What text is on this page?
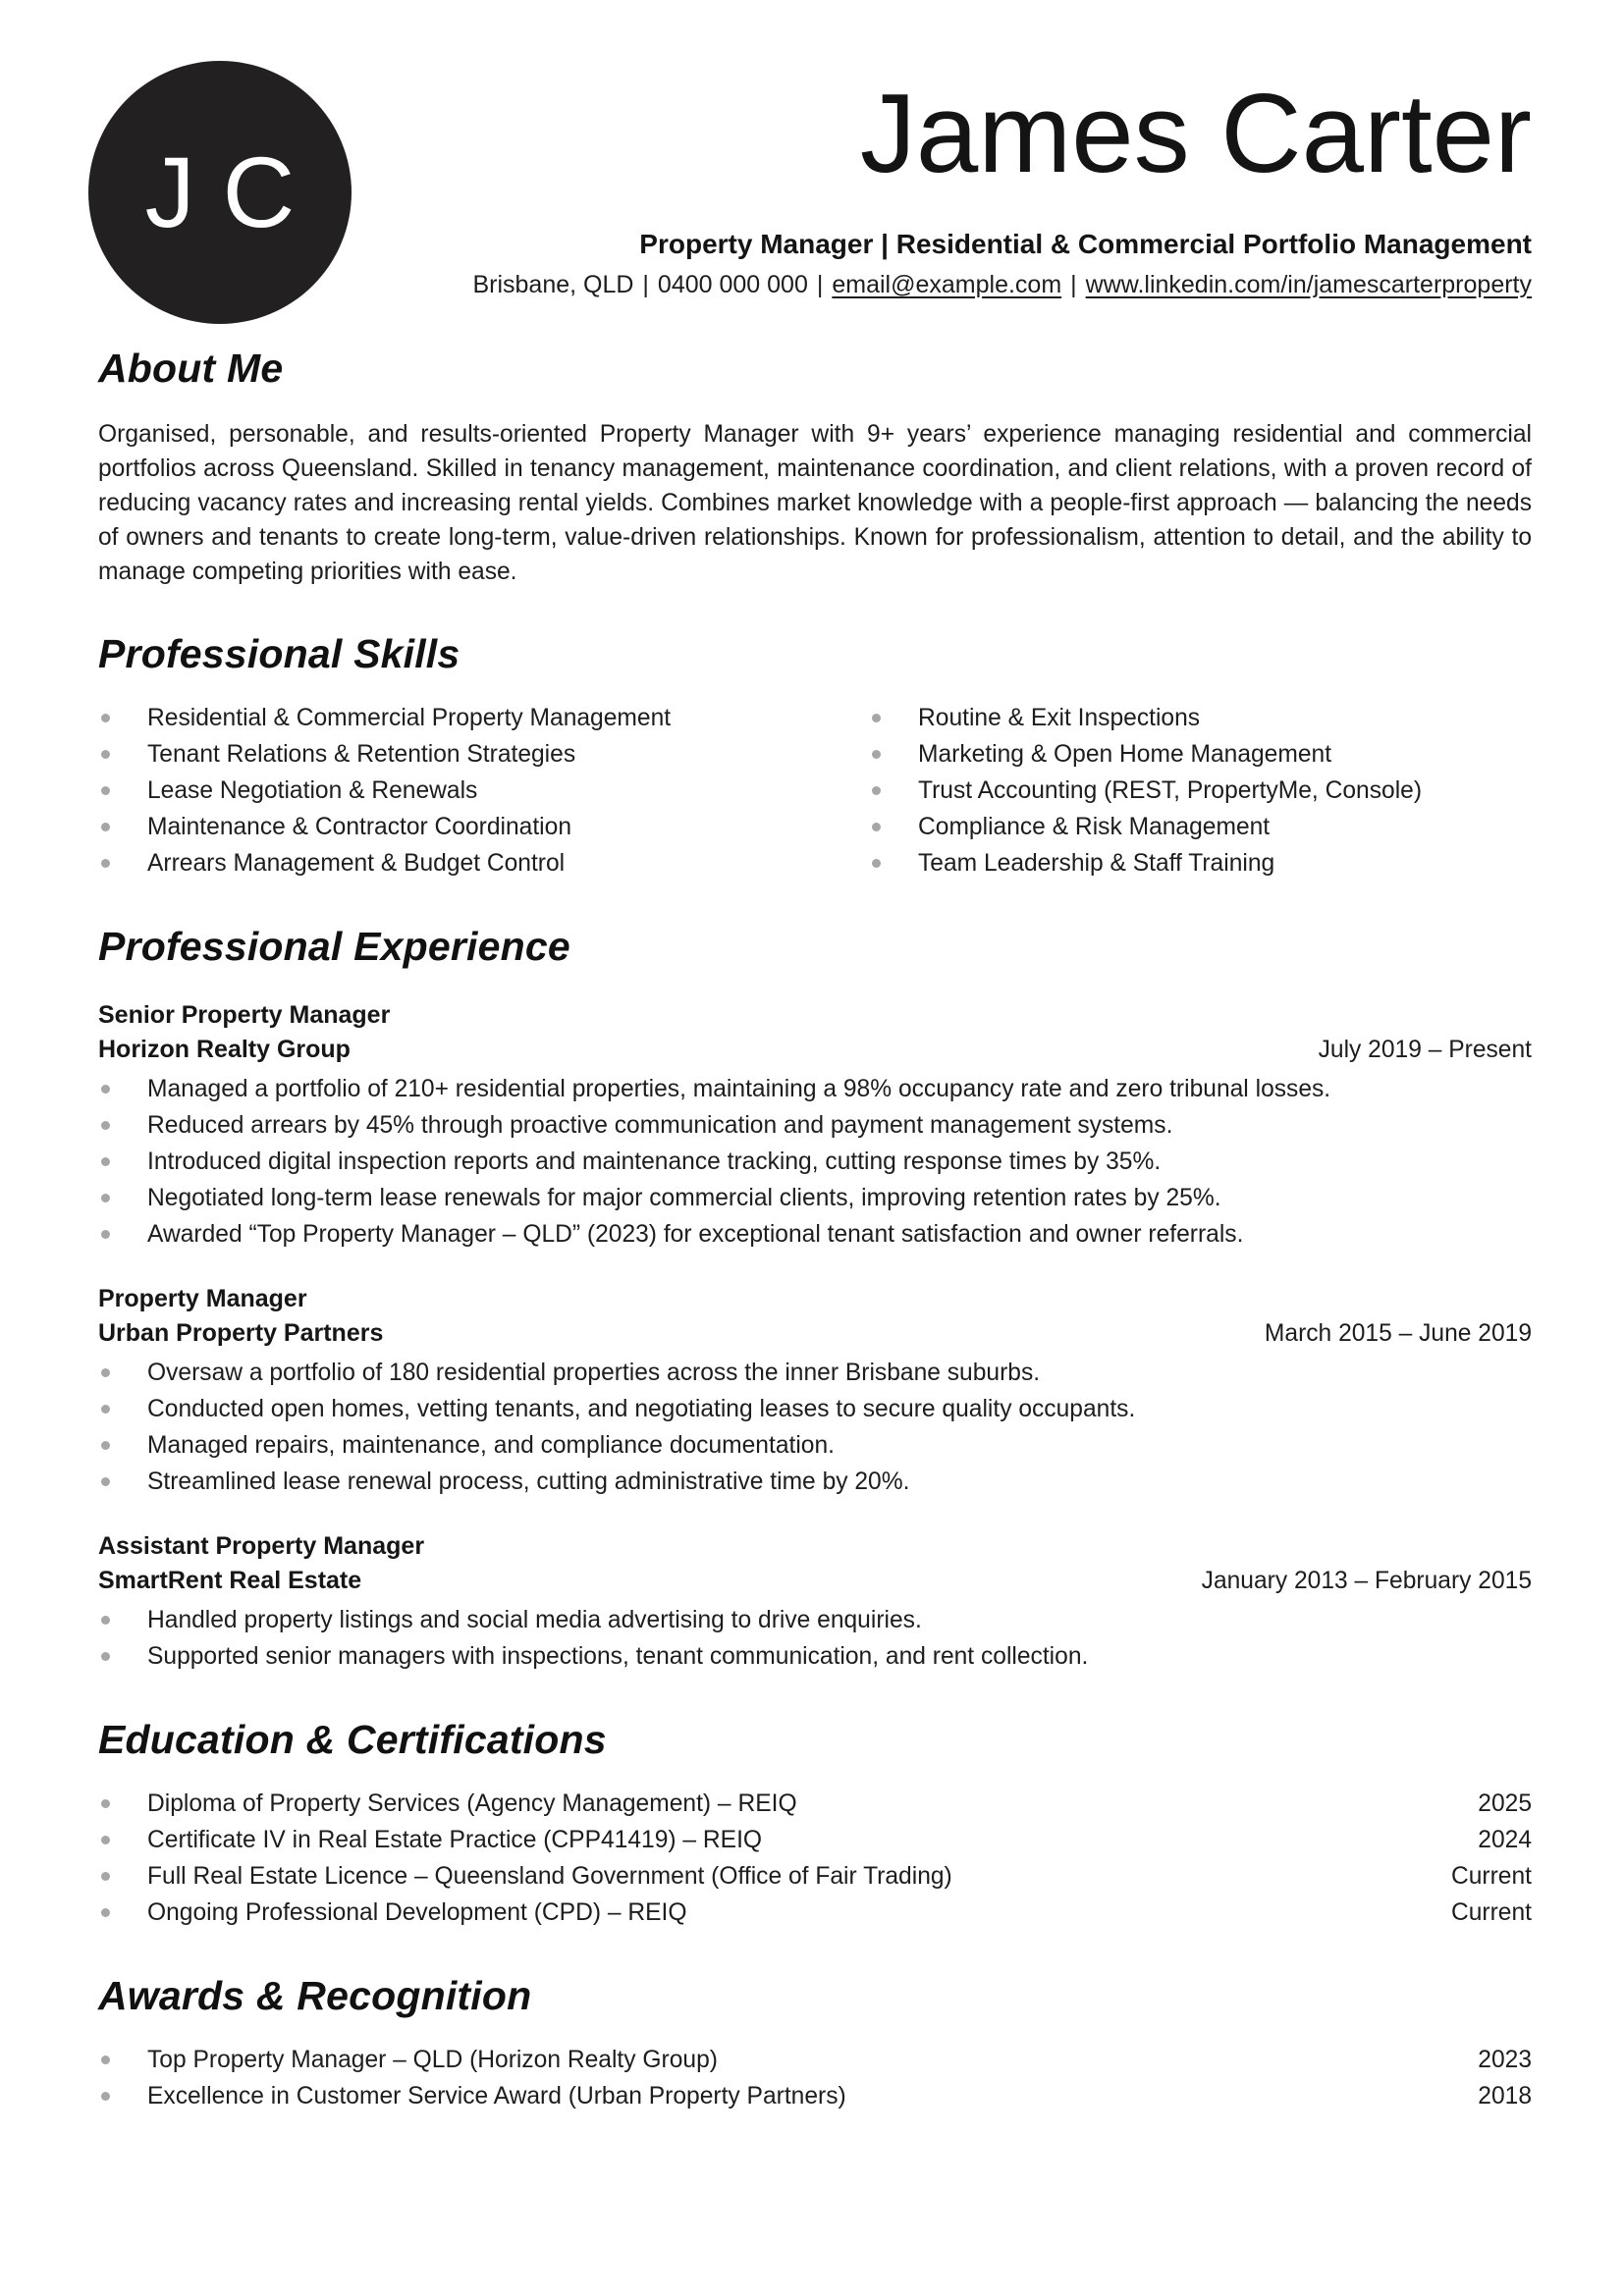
JC	James Carter
Property Manager | Residential & Commercial Portfolio Management
Brisbane, QLD | 0400 000 000 | email@example.com | www.linkedin.com/in/jamescarterproperty
About Me

Organised, personable, and results-oriented Property Manager with 9+ years’ experience managing residential and commercial portfolios across Queensland. Skilled in tenancy management, maintenance coordination, and client relations, with a proven record of reducing vacancy rates and increasing rental yields. Combines market knowledge with a people-first approach — balancing the needs of owners and tenants to create long-term, value-driven relationships. Known for professionalism, attention to detail, and the ability to manage competing priorities with ease.

Professional Skills
Residential & Commercial Property Management
Tenant Relations & Retention Strategies
Lease Negotiation & Renewals
Maintenance & Contractor Coordination
Arrears Management & Budget Control
Routine & Exit Inspections
Marketing & Open Home Management
Trust Accounting (REST, PropertyMe, Console)
Compliance & Risk Management
Team Leadership & Staff Training
Professional Experience
Senior Property Manager
Horizon Realty Group	July 2019 – Present
Managed a portfolio of 210+ residential properties, maintaining a 98% occupancy rate and zero tribunal losses.
Reduced arrears by 45% through proactive communication and payment management systems.
Introduced digital inspection reports and maintenance tracking, cutting response times by 35%.
Negotiated long-term lease renewals for major commercial clients, improving retention rates by 25%.
Awarded “Top Property Manager – QLD” (2023) for exceptional tenant satisfaction and owner referrals.
Property Manager
Urban Property Partners	March 2015 – June 2019
Oversaw a portfolio of 180 residential properties across the inner Brisbane suburbs.
Conducted open homes, vetting tenants, and negotiating leases to secure quality occupants.
Managed repairs, maintenance, and compliance documentation.
Streamlined lease renewal process, cutting administrative time by 20%.
Assistant Property Manager
SmartRent Real Estate	January 2013 – February 2015
Handled property listings and social media advertising to drive enquiries.
Supported senior managers with inspections, tenant communication, and rent collection.
Education & Certifications
Diploma of Property Services (Agency Management) – REIQ	2025
Certificate IV in Real Estate Practice (CPP41419) – REIQ	2024
Full Real Estate Licence – Queensland Government (Office of Fair Trading)	Current
Ongoing Professional Development (CPD) – REIQ	Current
Awards & Recognition
Top Property Manager – QLD (Horizon Realty Group)	2023
Excellence in Customer Service Award (Urban Property Partners)	2018
